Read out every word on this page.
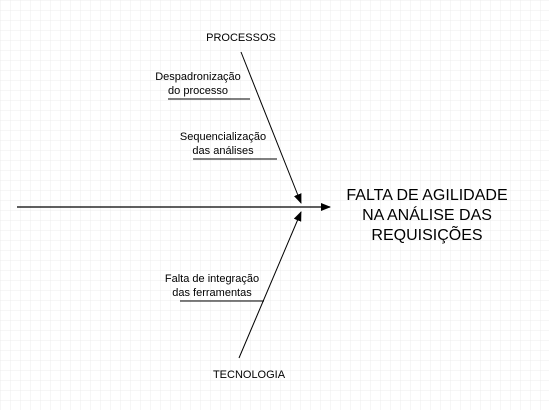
PROCESSOS
TECNOLOGIA
Despadronização
do processo
Sequencialização
das análises
Falta de integração
das ferramentas
FALTA DE AGILIDADE
NA ANÁLISE DAS
REQUISIÇÕES
